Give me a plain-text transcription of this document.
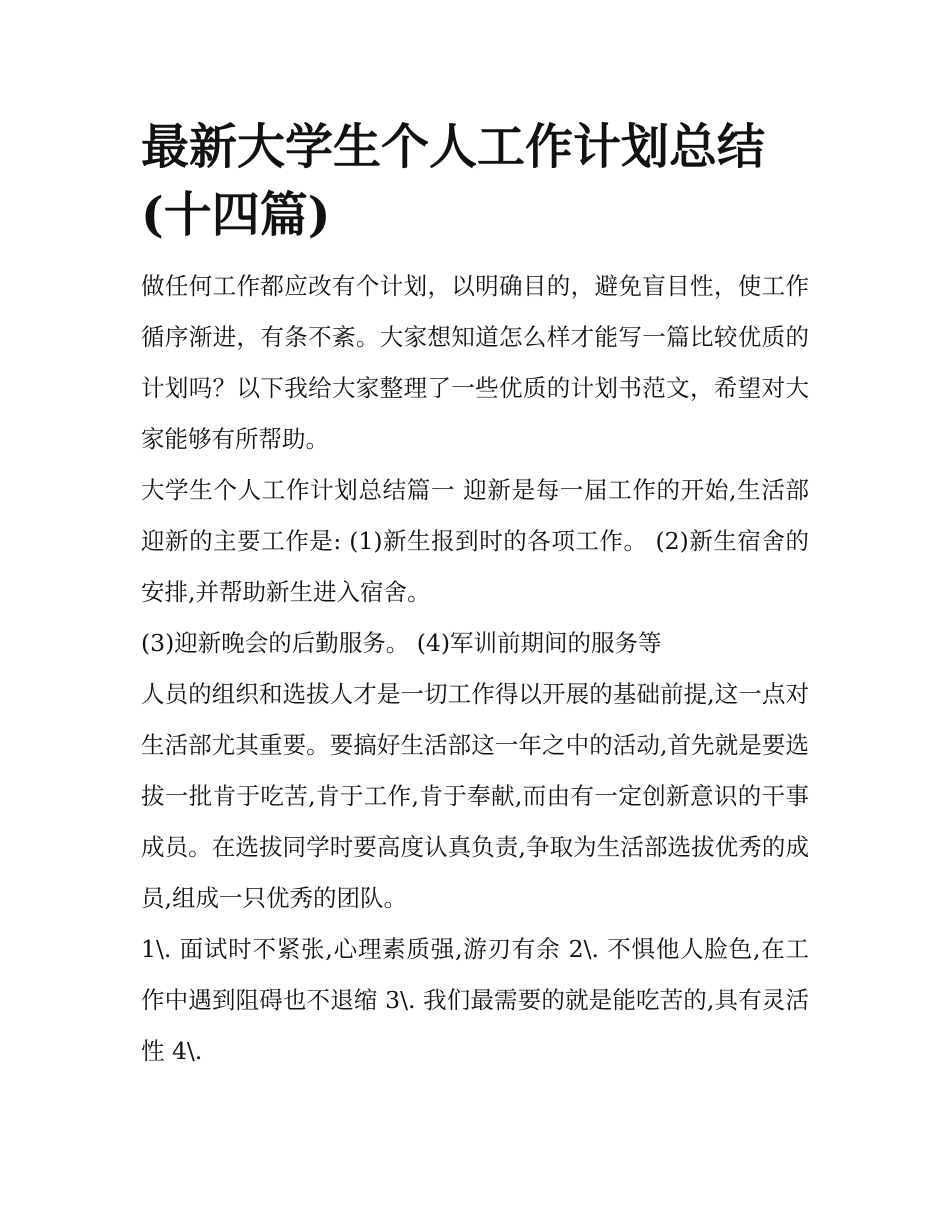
最新大学生个人工作计划总结(十四篇)

做任何工作都应改有个计划，以明确目的，避免盲目性，使工作循序渐进，有条不紊。大家想知道怎么样才能写一篇比较优质的计划吗？以下我给大家整理了一些优质的计划书范文，希望对大家能够有所帮助。

大学生个人工作计划总结篇一 迎新是每一届工作的开始,生活部迎新的主要工作是: (1)新生报到时的各项工作。 (2)新生宿舍的安排,并帮助新生进入宿舍。

(3)迎新晚会的后勤服务。 (4)军训前期间的服务等

人员的组织和选拔人才是一切工作得以开展的基础前提,这一点对生活部尤其重要。要搞好生活部这一年之中的活动,首先就是要选拔一批肯于吃苦,肯于工作,肯于奉献,而由有一定创新意识的干事成员。在选拔同学时要高度认真负责,争取为生活部选拔优秀的成员,组成一只优秀的团队。

1\. 面试时不紧张,心理素质强,游刃有余 2\. 不惧他人脸色,在工作中遇到阻碍也不退缩 3\. 我们最需要的就是能吃苦的,具有灵活性 4\.
